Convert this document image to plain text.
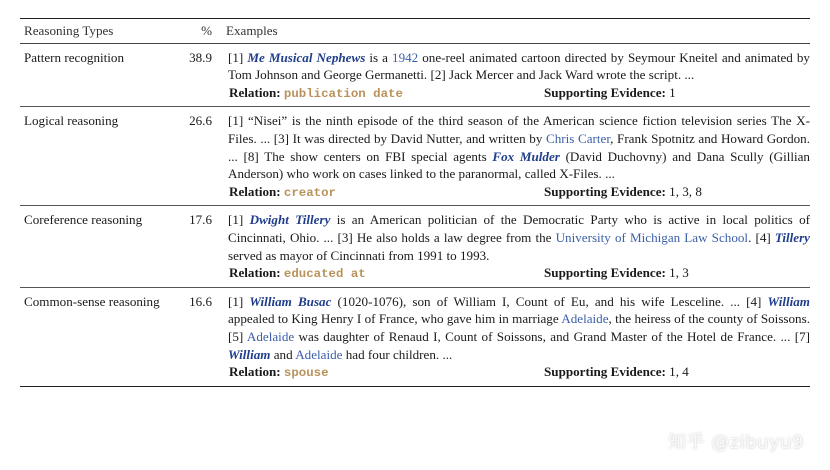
Reasoning Types	%	Examples
Pattern recognition	38.9	[1] Me Musical Nephews is a 1942 one-reel animated cartoon directed by Seymour Kneitel and animated by Tom Johnson and George Germanetti. [2] Jack Mercer and Jack Ward wrote the script. ...
Relation: publication date Supporting Evidence: 1

Logical reasoning	26.6	[1] “Nisei” is the ninth episode of the third season of the American science fiction television series The X-Files. ... [3] It was directed by David Nutter, and written by Chris Carter, Frank Spotnitz and Howard Gordon. ... [8] The show centers on FBI special agents Fox Mulder (David Duchovny) and Dana Scully (Gillian Anderson) who work on cases linked to the paranormal, called X-Files. ...
Relation: creator Supporting Evidence: 1, 3, 8

Coreference reasoning	17.6	[1] Dwight Tillery is an American politician of the Democratic Party who is active in local politics of Cincinnati, Ohio. ... [3] He also holds a law degree from the University of Michigan Law School. [4] Tillery served as mayor of Cincinnati from 1991 to 1993.
Relation: educated at Supporting Evidence: 1, 3

Common-sense reasoning	16.6	[1] William Busac (1020-1076), son of William I, Count of Eu, and his wife Lesceline. ... [4] William appealed to King Henry I of France, who gave him in marriage Adelaide, the heiress of the county of Soissons. [5] Adelaide was daughter of Renaud I, Count of Soissons, and Grand Master of the Hotel de France. ... [7] William and Adelaide had four children. ...
Relation: spouse Supporting Evidence: 1, 4
知乎 @zibuyu9
